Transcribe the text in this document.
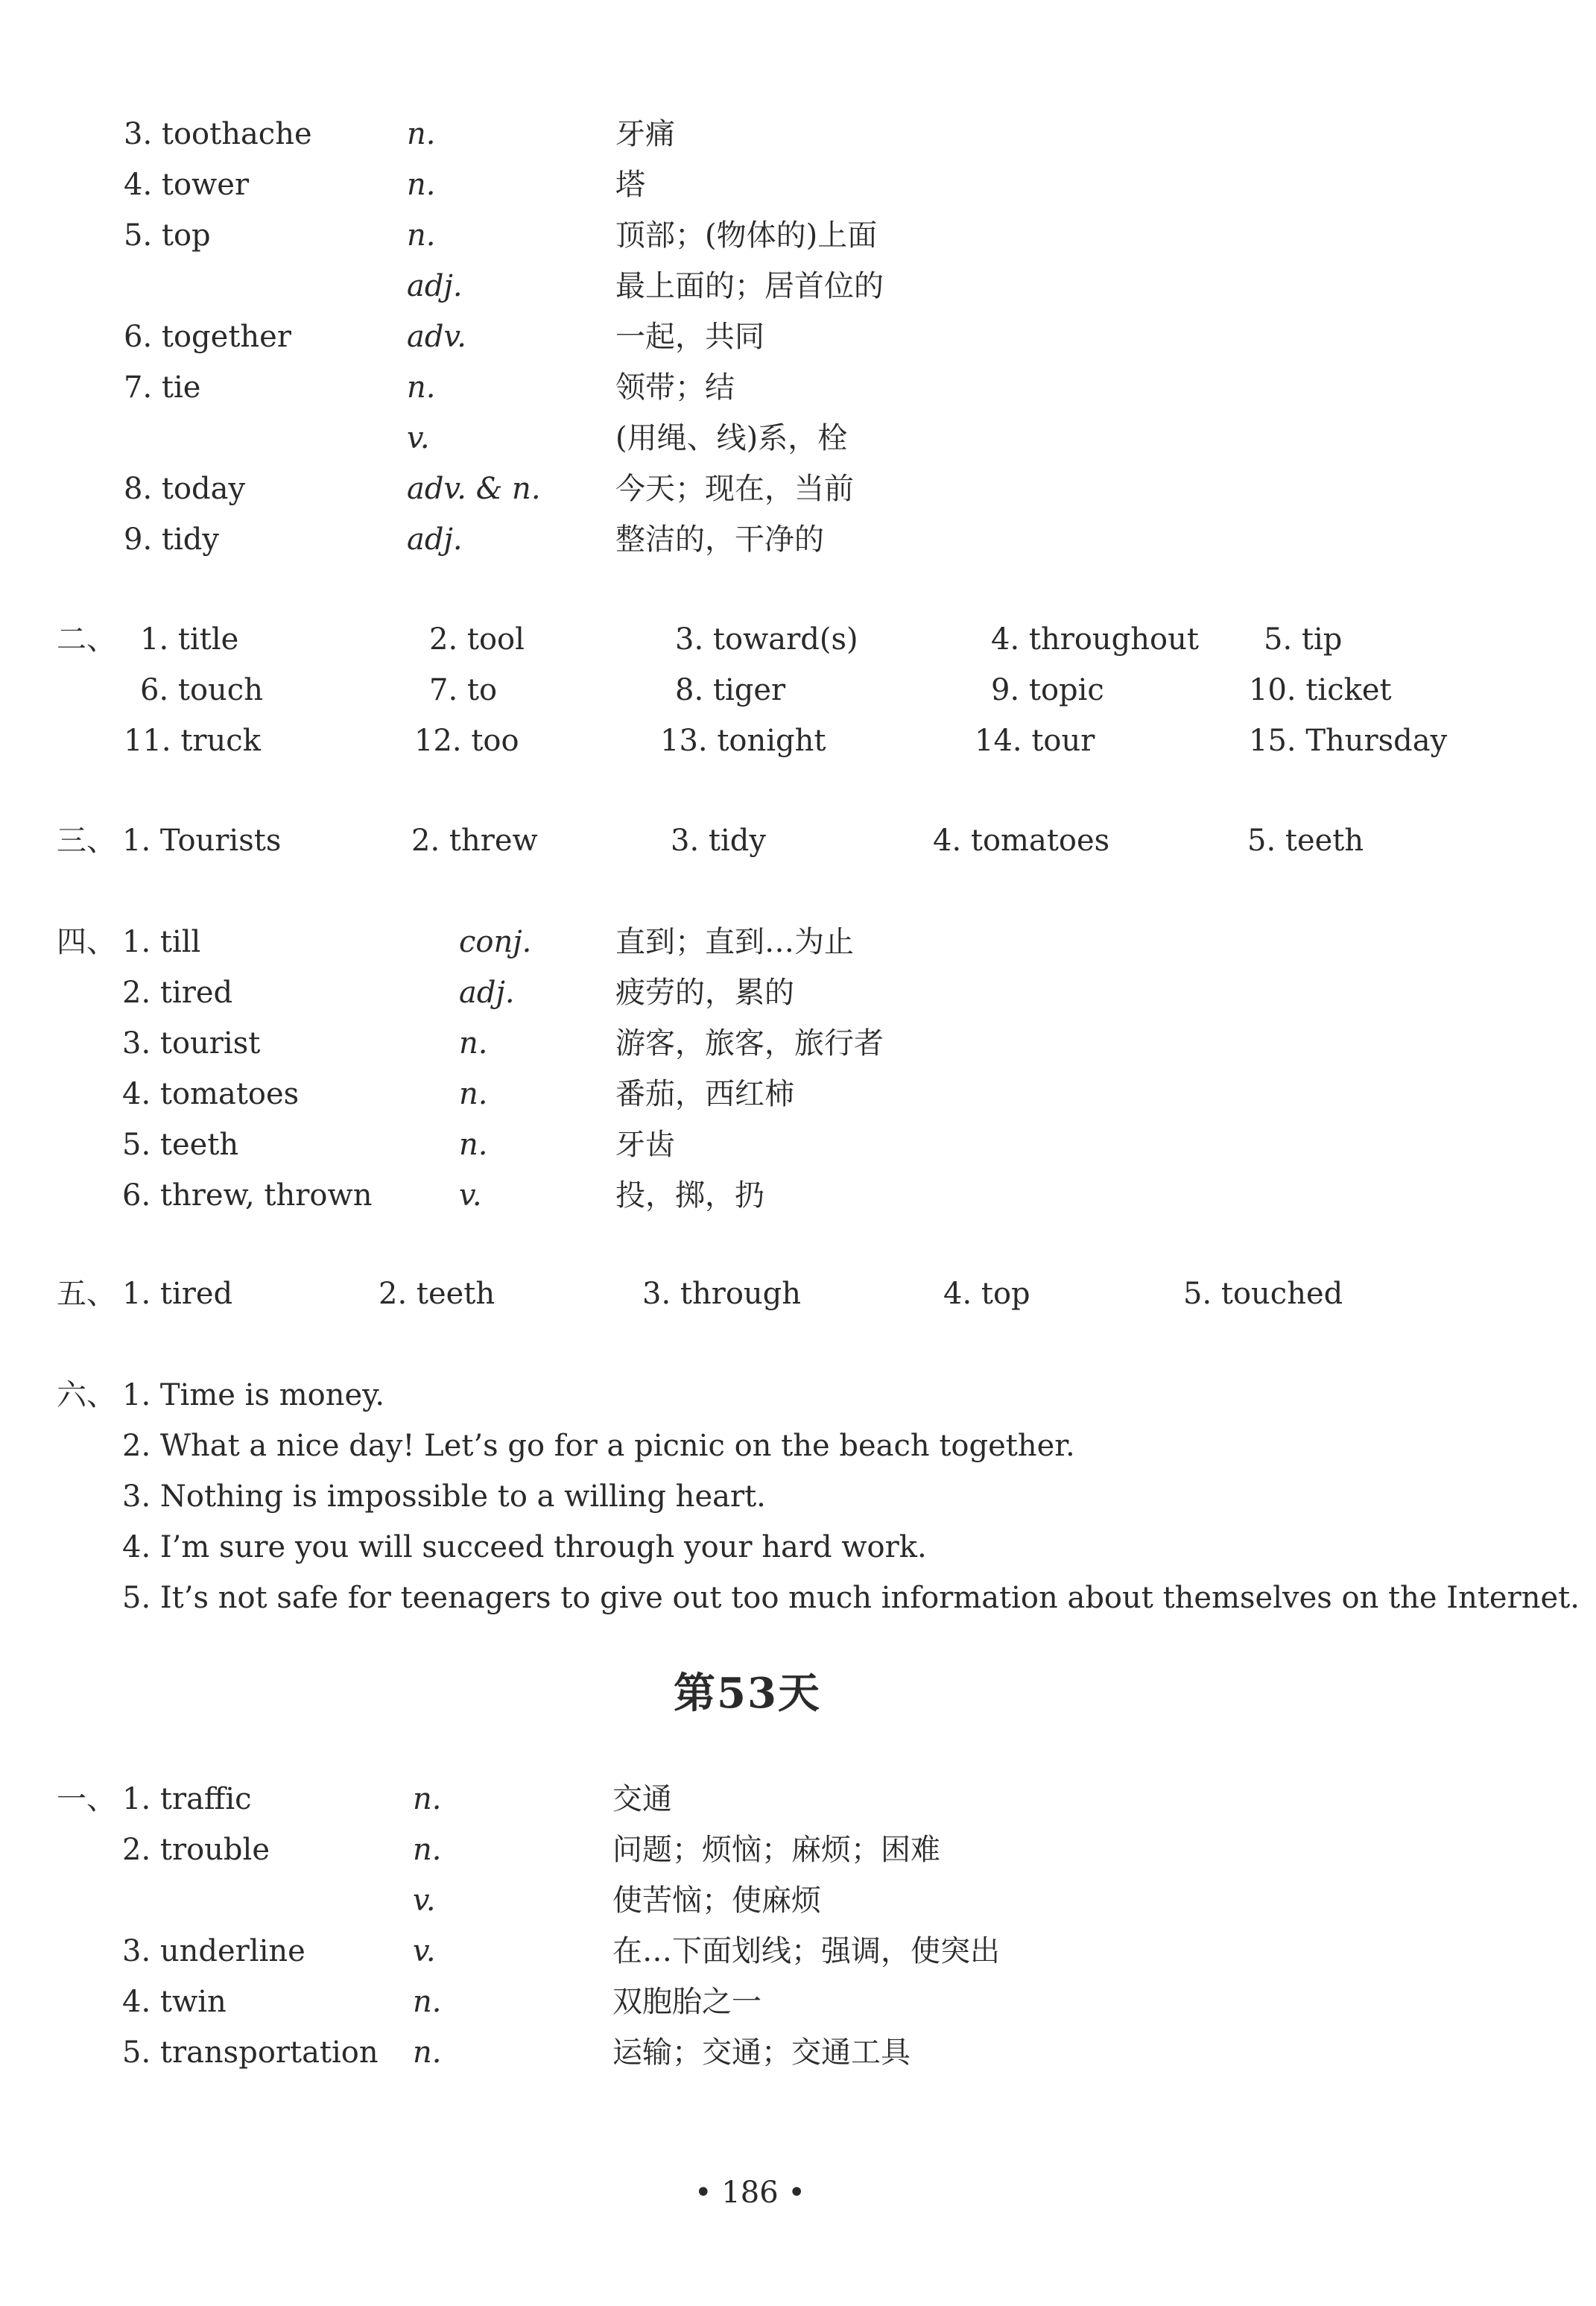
3. toothache	n.	牙痛
4. tower	n.	塔
5. top	n.	顶部；(物体的)上面
adj.	最上面的；居首位的
6. together	adv.	一起，共同
7. tie	n.	领带；结
v.	(用绳、线)系，栓
8. today	adv. & n.	今天；现在，当前
9. tidy	adj.	整洁的，干净的
二、 1. title	2. tool	3. toward(s)	4. throughout 5. tip
6. touch	7. to	8. tiger	9. topic	10. ticket
11. truck	12. too	13. tonight	14. tour	15. Thursday
三、 1. Tourists	2. threw	3. tidy	4. tomatoes	5. teeth
四、 1. till	conj.	直到；直到…为止
2. tired	adj.	疲劳的，累的
3. tourist	n.	游客，旅客，旅行者
4. tomatoes	n.	番茄，西红柿
5. teeth	n.	牙齿
6. threw, thrown	v.	投，掷，扔
五、 1. tired	2. teeth	3. through	4. top	5. touched
六、 1. Time is money.
2. What a nice day! Let’s go for a picnic on the beach together.
3. Nothing is impossible to a willing heart.
4. I’m sure you will succeed through your hard work.
5. It’s not safe for teenagers to give out too much information about themselves on the Internet.
第53天
一、 1. traffic	n.	交通
2. trouble	n.	问题；烦恼；麻烦；困难
v.	使苦恼；使麻烦
3. underline	v.	在…下面划线；强调，使突出
4. twin	n.	双胞胎之一
5. transportation n.	运输；交通；交通工具
• 186 •
